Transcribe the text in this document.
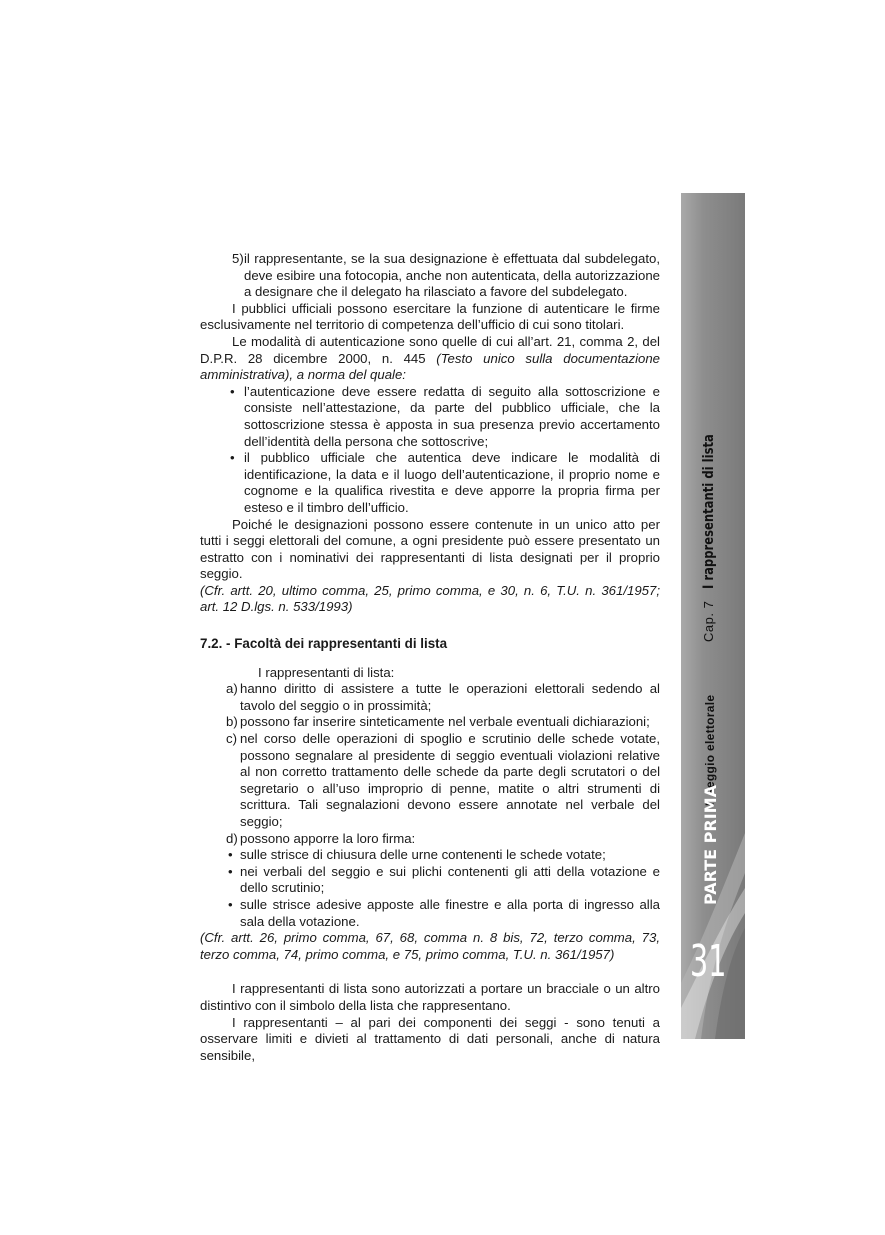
5) il rappresentante, se la sua designazione è effettuata dal subdelegato, deve esibire una fotocopia, anche non autenticata, della autorizzazione a designare che il delegato ha rilasciato a favore del subdelegato.

I pubblici ufficiali possono esercitare la funzione di autenticare le firme esclusivamente nel territorio di competenza dell’ufficio di cui sono titolari.

Le modalità di autenticazione sono quelle di cui all’art. 21, comma 2, del D.P.R. 28 dicembre 2000, n. 445 (Testo unico sulla documentazione amministrativa), a norma del quale:

• l’autenticazione deve essere redatta di seguito alla sottoscrizione e consiste nell’attestazione, da parte del pubblico ufficiale, che la sottoscrizione stessa è apposta in sua presenza previo accertamento dell’identità della persona che sottoscrive;

• il pubblico ufficiale che autentica deve indicare le modalità di identificazione, la data e il luogo dell’autenticazione, il proprio nome e cognome e la qualifica rivestita e deve apporre la propria firma per esteso e il timbro dell’ufficio.

Poiché le designazioni possono essere contenute in un unico atto per tutti i seggi elettorali del comune, a ogni presidente può essere presentato un estratto con i nominativi dei rappresentanti di lista designati per il proprio seggio.

(Cfr. artt. 20, ultimo comma, 25, primo comma, e 30, n. 6, T.U. n. 361/1957; art. 12 D.lgs. n. 533/1993)

7.2. - Facoltà dei rappresentanti di lista

I rappresentanti di lista:

a) hanno diritto di assistere a tutte le operazioni elettorali sedendo al tavolo del seggio o in prossimità;

b) possono far inserire sinteticamente nel verbale eventuali dichiarazioni;

c) nel corso delle operazioni di spoglio e scrutinio delle schede votate, possono segnalare al presidente di seggio eventuali violazioni relative al non corretto trattamento delle schede da parte degli scrutatori o del segretario o all’uso improprio di penne, matite o altri strumenti di scrittura. Tali segnalazioni devono essere annotate nel verbale del seggio;

d) possono apporre la loro firma:

• sulle strisce di chiusura delle urne contenenti le schede votate;

• nei verbali del seggio e sui plichi contenenti gli atti della votazione e dello scrutinio;

• sulle strisce adesive apposte alle finestre e alla porta di ingresso alla sala della votazione.

(Cfr. artt. 26, primo comma, 67, 68, comma n. 8 bis, 72, terzo comma, 73, terzo comma, 74, primo comma, e 75, primo comma, T.U. n. 361/1957)

I rappresentanti di lista sono autorizzati a portare un bracciale o un altro distintivo con il simbolo della lista che rappresentano.

I rappresentanti – al pari dei componenti dei seggi - sono tenuti a osservare limiti e divieti al trattamento di dati personali, anche di natura sensibile,

Cap. 7I rappresentanti di lista
Il seggio elettorale
PARTE PRIMA
31
